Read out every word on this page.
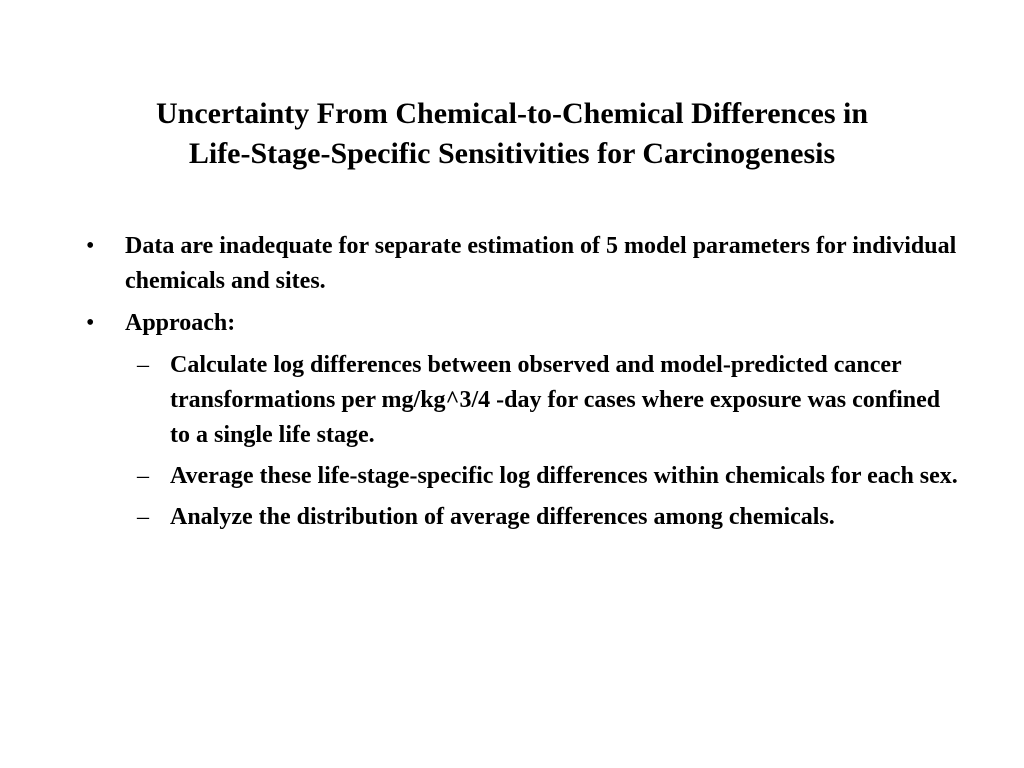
Uncertainty From Chemical-to-Chemical Differences in
Life-Stage-Specific Sensitivities for Carcinogenesis
• Data are inadequate for separate estimation of 5 model parameters for individual chemicals and sites.
• Approach:
– Calculate log differences between observed and model-predicted cancer transformations per mg/kg^3/4 -day for cases where exposure was confined to a single life stage.
– Average these life-stage-specific log differences within chemicals for each sex.
– Analyze the distribution of average differences among chemicals.
